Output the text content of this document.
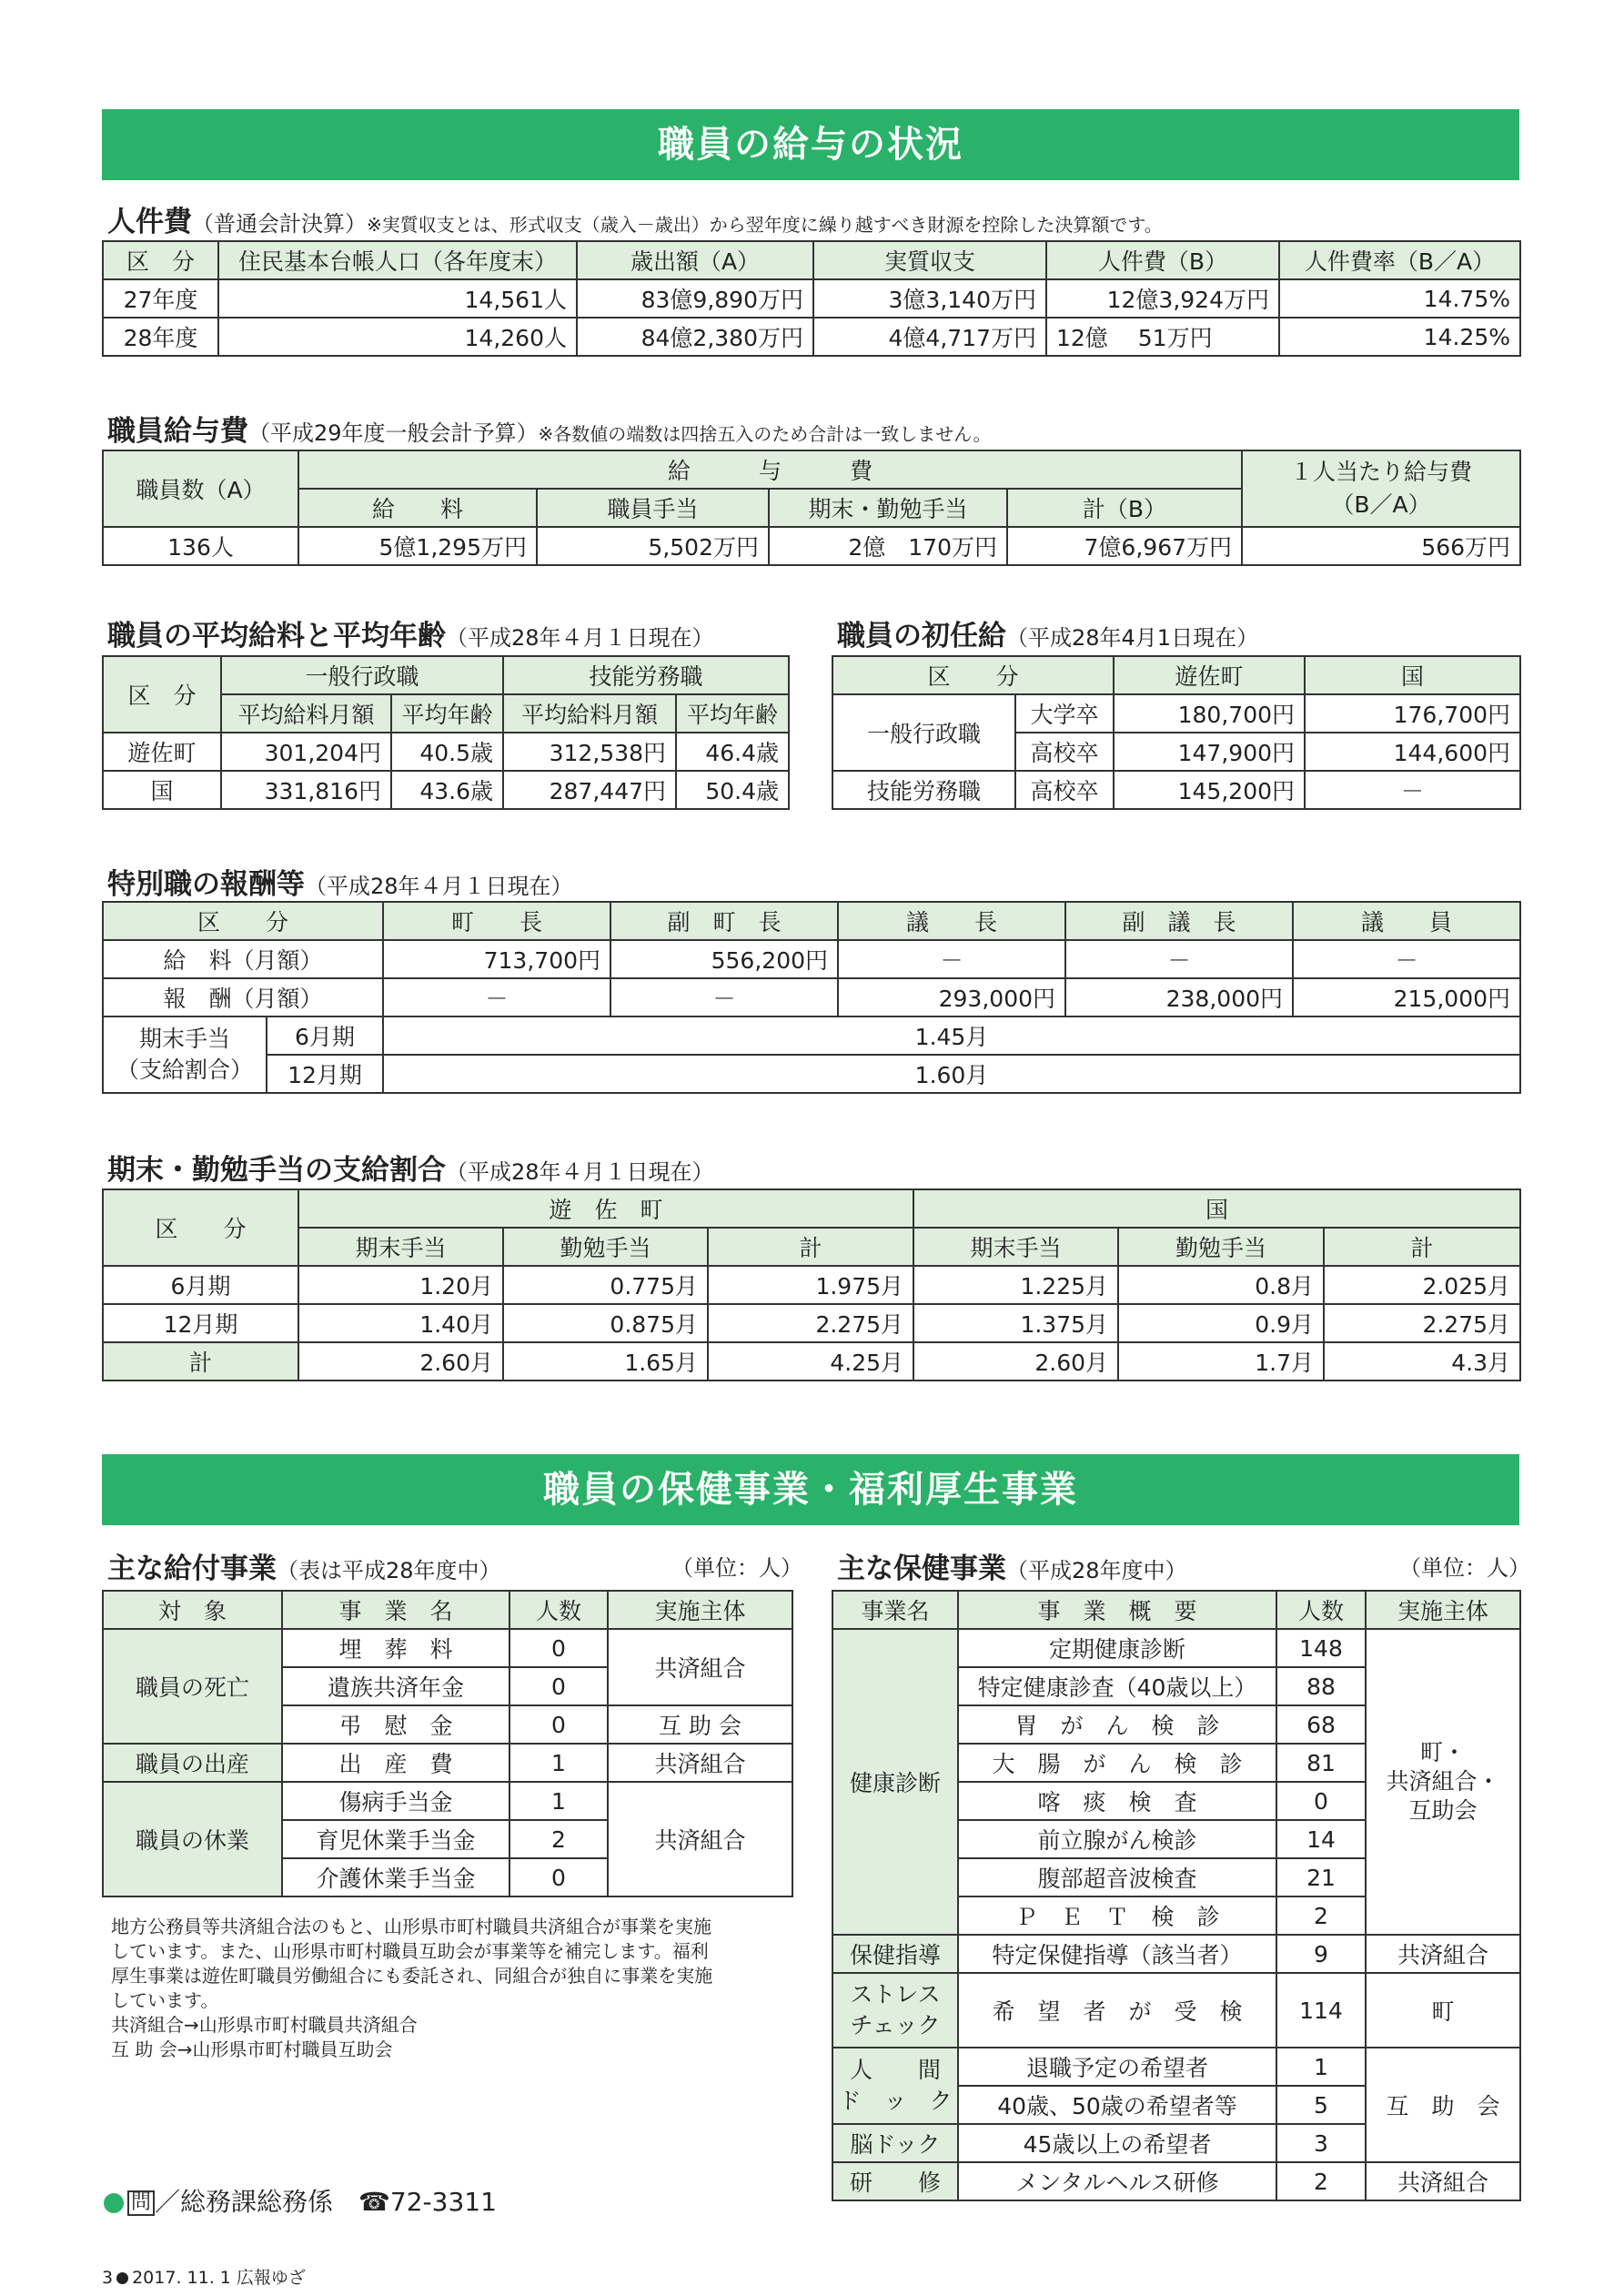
職員の給与の状況
人件費（普通会計決算）※実質収支とは、形式収支（歳入－歳出）から翌年度に繰り越すべき財源を控除した決算額です。
区　分	住民基本台帳人口（各年度末）	歳出額（A）	実質収支	人件費（B）	人件費率（B／A）
27年度	14,561人	83億9,890万円	3億3,140万円	12億3,924万円	14.75%
28年度	14,260人	84億2,380万円	4億4,717万円	12億　 51万円	14.25%
職員給与費（平成29年度一般会計予算）※各数値の端数は四捨五入のため合計は一致しません。
職員数（A）	給　　　与　　　費				１人当たり給与費
（B／A）
	給　　料	職員手当	期末・勤勉手当	計（B）	
136人	5億1,295万円	5,502万円	2億　170万円	7億6,967万円	566万円
職員の平均給料と平均年齢（平成28年４月１日現在）
区　分	一般行政職		技能労務職	
	平均給料月額	平均年齢	平均給料月額	平均年齢
遊佐町	301,204円	40.5歳	312,538円	46.4歳
国	331,816円	43.6歳	287,447円	50.4歳
職員の初任給（平成28年4月1日現在）
区　　分		遊佐町	国
一般行政職	大学卒	180,700円	176,700円
	高校卒	147,900円	144,600円
技能労務職	高校卒	145,200円	－
特別職の報酬等（平成28年４月１日現在）
区　　分		町　　長	副　町　長	議　　長	副　議　長	議　　員
給　料（月額）		713,700円	556,200円	－	－	－
報　酬（月額）		－	－	293,000円	238,000円	215,000円
期末手当
（支給割合）	6月期	1.45月				
	12月期	1.60月				
期末・勤勉手当の支給割合（平成28年４月１日現在）
区　　分	遊　佐　町			国		
	期末手当	勤勉手当	計	期末手当	勤勉手当	計
6月期	1.20月	0.775月	1.975月	1.225月	0.8月	2.025月
12月期	1.40月	0.875月	2.275月	1.375月	0.9月	2.275月
計	2.60月	1.65月	4.25月	2.60月	1.7月	4.3月
職員の保健事業・福利厚生事業
主な給付事業（表は平成28年度中）	（単位：人）
対　象	事　業　名	人数	実施主体
職員の死亡	埋　葬　料	0	共済組合
	遺族共済年金	0	
	弔　慰　金	0	互 助 会
職員の出産	出　産　費	1	共済組合
職員の休業	傷病手当金	1	共済組合
	育児休業手当金	2	
	介護休業手当金	0	
地方公務員等共済組合法のもと、山形県市町村職員共済組合が事業を実施
しています。また、山形県市町村職員互助会が事業等を補完します。福利
厚生事業は遊佐町職員労働組合にも委託され、同組合が独自に事業を実施
しています。
共済組合→山形県市町村職員共済組合
互 助 会→山形県市町村職員互助会
主な保健事業（平成28年度中）	（単位：人）
事業名	事　業　概　要	人数	実施主体
健康診断	定期健康診断	148	町・
共済組合・
互助会
	特定健康診査（40歳以上）	88	
	胃　が　ん　検　診	68	
	大　腸　が　ん　検　診	81	
	喀　痰　検　査	0	
	前立腺がん検診	14	
	腹部超音波検査	21	
	Ｐ　Ｅ　Ｔ　検　診	2	
保健指導	特定保健指導（該当者）	9	共済組合
ストレス
チェック	希　望　者　が　受　検	114	町
人　　間
ド　ッ　ク	退職予定の希望者	1	互　助　会
	40歳、50歳の希望者等	5	
脳ドック	45歳以上の希望者	3	
研　　修	メンタルヘルス研修	2	共済組合
問 ／総務課総務係　 ☎72-3311
3 2017. 11. 1 広報ゆざ
